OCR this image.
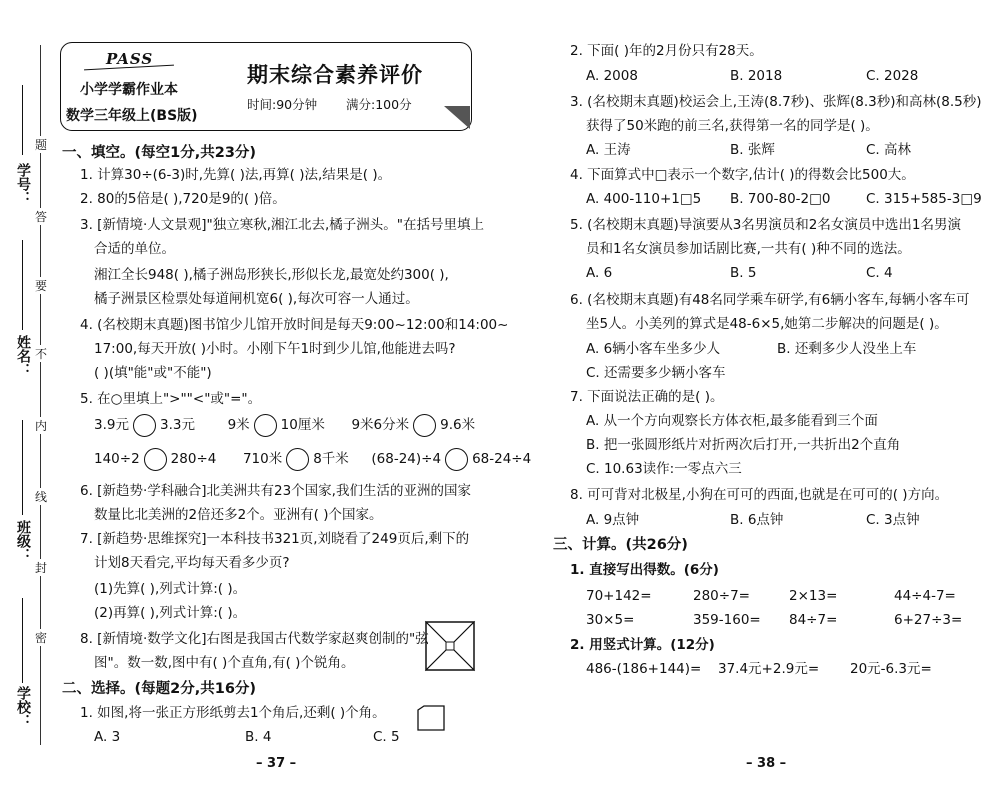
学号：
姓名：
班级：
学校：
题
答
要
不
内
线
封
密
PASS
小学学霸作业本
数学三年级上(BS版)
期末综合素养评价
时间:90分钟 满分:100分
一、填空。(每空1分,共23分)
1. 计算30÷(6-3)时,先算( )法,再算( )法,结果是( )。
2. 80的5倍是( ),720是9的( )倍。
3. [新情境·人文景观]"独立寒秋,湘江北去,橘子洲头。"在括号里填上
合适的单位。
湘江全长948( ),橘子洲岛形狭长,形似长龙,最宽处约300( ),
橘子洲景区检票处每道闸机宽6( ),每次可容一人通过。
4. (名校期末真题)图书馆少儿馆开放时间是每天9:00~12:00和14:00~
17:00,每天开放( )小时。小刚下午1时到少儿馆,他能进去吗?
( )(填"能"或"不能")
5. 在○里填上">""<"或"="。
3.9元 3.3元 9米 10厘米 9米6分米 9.6米
140÷2 280÷4 710米 8千米 (68-24)÷4 68-24÷4
6. [新趋势·学科融合]北美洲共有23个国家,我们生活的亚洲的国家
数量比北美洲的2倍还多2个。亚洲有( )个国家。
7. [新趋势·思维探究]一本科技书321页,刘晓看了249页后,剩下的
计划8天看完,平均每天看多少页?
(1)先算( ),列式计算:( )。
(2)再算( ),列式计算:( )。
8. [新情境·数学文化]右图是我国古代数学家赵爽创制的"弦
图"。数一数,图中有( )个直角,有( )个锐角。
二、选择。(每题2分,共16分)
1. 如图,将一张正方形纸剪去1个角后,还剩( )个角。
A. 3	B. 4	C. 5
– 37 –
2. 下面( )年的2月份只有28天。
A. 2008	B. 2018	C. 2028
3. (名校期末真题)校运会上,王涛(8.7秒)、张辉(8.3秒)和高林(8.5秒)
获得了50米跑的前三名,获得第一名的同学是( )。
A. 王涛	B. 张辉	C. 高林
4. 下面算式中□表示一个数字,估计( )的得数会比500大。
A. 400-110+1□5 B. 700-80-2□0	C. 315+585-3□9
5. (名校期末真题)导演要从3名男演员和2名女演员中选出1名男演
员和1名女演员参加话剧比赛,一共有( )种不同的选法。
A. 6	B. 5	C. 4
6. (名校期末真题)有48名同学乘车研学,有6辆小客车,每辆小客车可
坐5人。小美列的算式是48-6×5,她第二步解决的问题是( )。
A. 6辆小客车坐多少人	B. 还剩多少人没坐上车
C. 还需要多少辆小客车
7. 下面说法正确的是( )。
A. 从一个方向观察长方体衣柜,最多能看到三个面
B. 把一张圆形纸片对折两次后打开,一共折出2个直角
C. 10.63读作:一零点六三
8. 可可背对北极星,小狗在可可的西面,也就是在可可的( )方向。
A. 9点钟	B. 6点钟	C. 3点钟
三、计算。(共26分)
1. 直接写出得数。(6分)
70+142=	280÷7=	2×13=	44÷4-7=
30×5=	359-160= 84÷7=	6+27÷3=
2. 用竖式计算。(12分)
486-(186+144)= 37.4元+2.9元= 20元-6.3元=
– 38 –
